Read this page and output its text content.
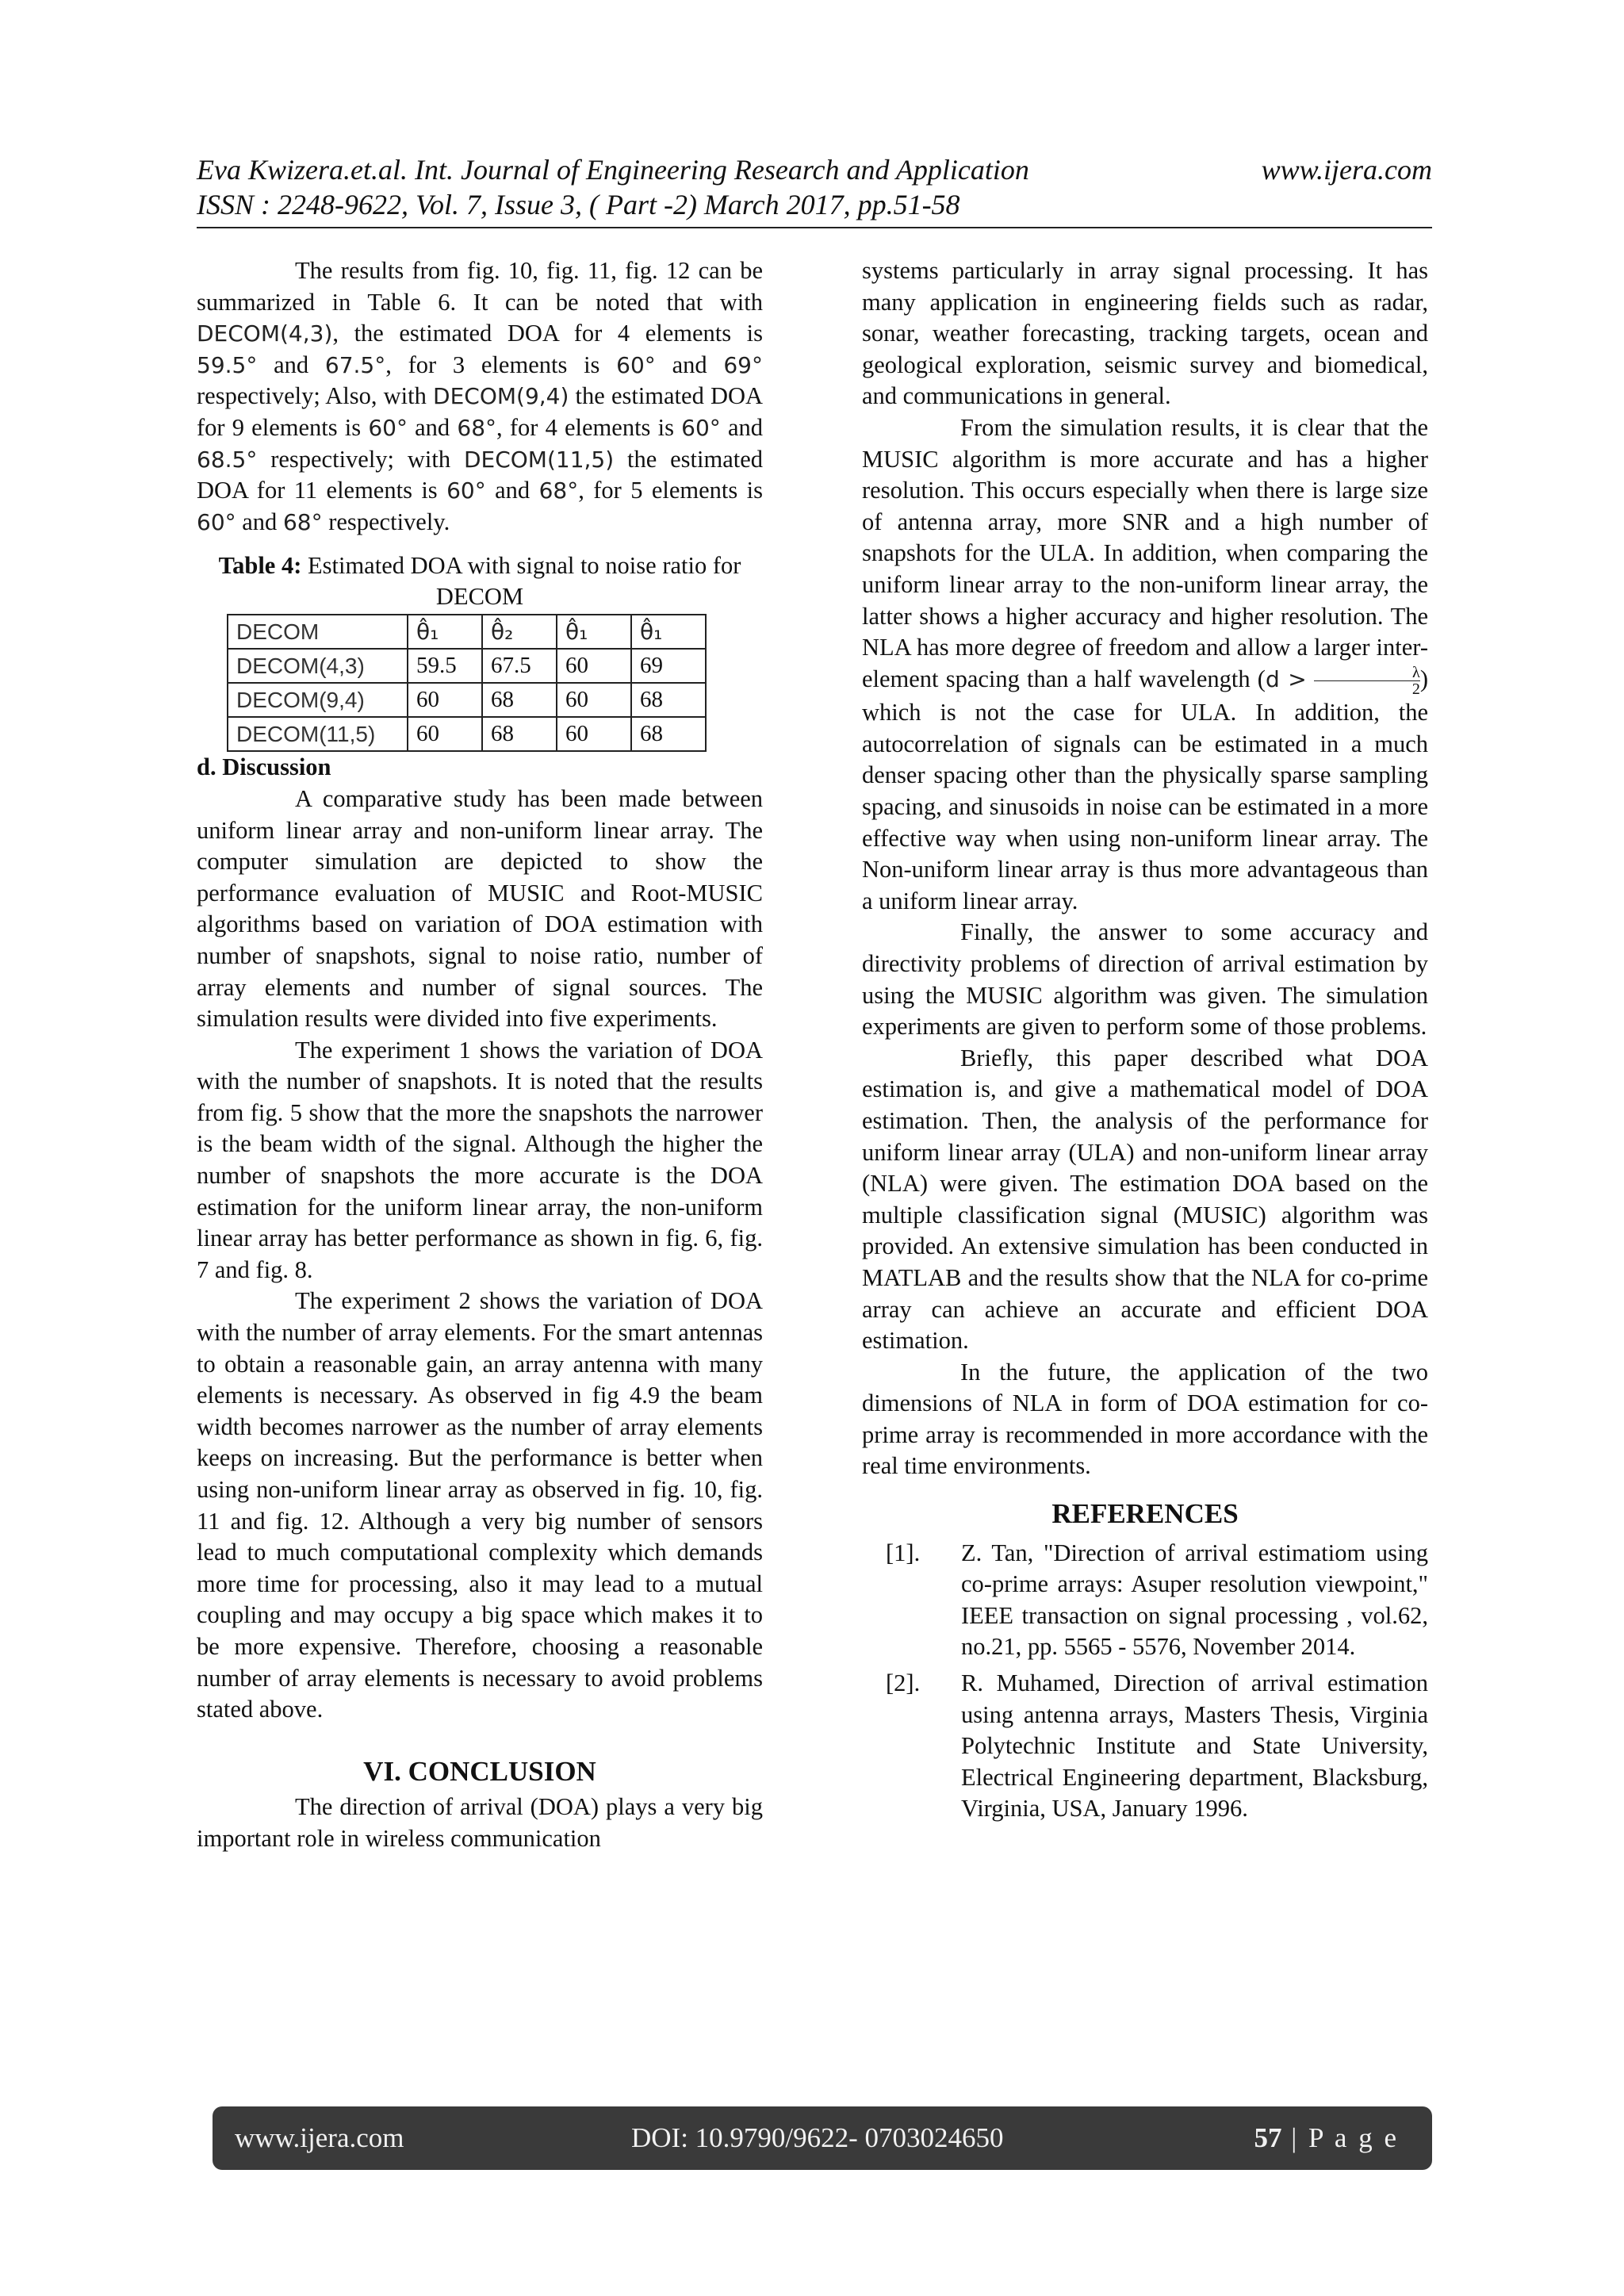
Eva Kwizera.et.al. Int. Journal of Engineering Research and Application	www.ijera.com
ISSN : 2248-9622, Vol. 7, Issue 3, ( Part -2) March 2017, pp.51-58

The results from fig. 10, fig. 11, fig. 12 can be summarized in Table 6. It can be noted that with DECOM(4,3), the estimated DOA for 4 elements is 59.5° and 67.5°, for 3 elements is 60° and 69° respectively; Also, with DECOM(9,4) the estimated DOA for 9 elements is 60° and 68°, for 4 elements is 60° and 68.5° respectively; with DECOM(11,5) the estimated DOA for 11 elements is 60° and 68°, for 5 elements is 60° and 68° respectively.

Table 4: Estimated DOA with signal to noise ratio for DECOM
DECOM	θ̂₁	θ̂₂	θ̂₁	θ̂₁
DECOM(4,3)	59.5	67.5	60	69
DECOM(9,4)	60	68	60	68
DECOM(11,5)	60	68	60	68

d. Discussion

A comparative study has been made between uniform linear array and non-uniform linear array. The computer simulation are depicted to show the performance evaluation of MUSIC and Root-MUSIC algorithms based on variation of DOA estimation with number of snapshots, signal to noise ratio, number of array elements and number of signal sources. The simulation results were divided into five experiments.

The experiment 1 shows the variation of DOA with the number of snapshots. It is noted that the results from fig. 5 show that the more the snapshots the narrower is the beam width of the signal. Although the higher the number of snapshots the more accurate is the DOA estimation for the uniform linear array, the non-uniform linear array has better performance as shown in fig. 6, fig. 7 and fig. 8.

The experiment 2 shows the variation of DOA with the number of array elements. For the smart antennas to obtain a reasonable gain, an array antenna with many elements is necessary. As observed in fig 4.9 the beam width becomes narrower as the number of array elements keeps on increasing. But the performance is better when using non-uniform linear array as observed in fig. 10, fig. 11 and fig. 12. Although a very big number of sensors lead to much computational complexity which demands more time for processing, also it may lead to a mutual coupling and may occupy a big space which makes it to be more expensive. Therefore, choosing a reasonable number of array elements is necessary to avoid problems stated above.

VI. CONCLUSION

The direction of arrival (DOA) plays a very big important role in wireless communication

systems particularly in array signal processing. It has many application in engineering fields such as radar, sonar, weather forecasting, tracking targets, ocean and geological exploration, seismic survey and biomedical, and communications in general.

From the simulation results, it is clear that the MUSIC algorithm is more accurate and has a higher resolution. This occurs especially when there is large size of antenna array, more SNR and a high number of snapshots for the ULA. In addition, when comparing the uniform linear array to the non-uniform linear array, the latter shows a higher accuracy and higher resolution. The NLA has more degree of freedom and allow a larger inter-element spacing than a half wavelength ($d > \frac{\lambda}{2}$ ) which is not the case for ULA. In addition, the autocorrelation of signals can be estimated in a much denser spacing other than the physically sparse sampling spacing, and sinusoids in noise can be estimated in a more effective way when using non-uniform linear array. The Non-uniform linear array is thus more advantageous than a uniform linear array.

Finally, the answer to some accuracy and directivity problems of direction of arrival estimation by using the MUSIC algorithm was given. The simulation experiments are given to perform some of those problems.

Briefly, this paper described what DOA estimation is, and give a mathematical model of DOA estimation. Then, the analysis of the performance for uniform linear array (ULA) and non-uniform linear array (NLA) were given. The estimation DOA based on the multiple classification signal (MUSIC) algorithm was provided. An extensive simulation has been conducted in MATLAB and the results show that the NLA for co-prime array can achieve an accurate and efficient DOA estimation.

In the future, the application of the two dimensions of NLA in form of DOA estimation for co-prime array is recommended in more accordance with the real time environments.

REFERENCES
[1].	Z. Tan, "Direction of arrival estimatiom using co-prime arrays: Asuper resolution viewpoint," IEEE transaction on signal processing , vol.62, no.21, pp. 5565 - 5576, November 2014.
[2].	R. Muhamed, Direction of arrival estimation using antenna arrays, Masters Thesis, Virginia Polytechnic Institute and State University, Electrical Engineering department, Blacksburg, Virginia, USA, January 1996.
www.ijera.com	DOI: 10.9790/9622- 0703024650	57 | P a g e
